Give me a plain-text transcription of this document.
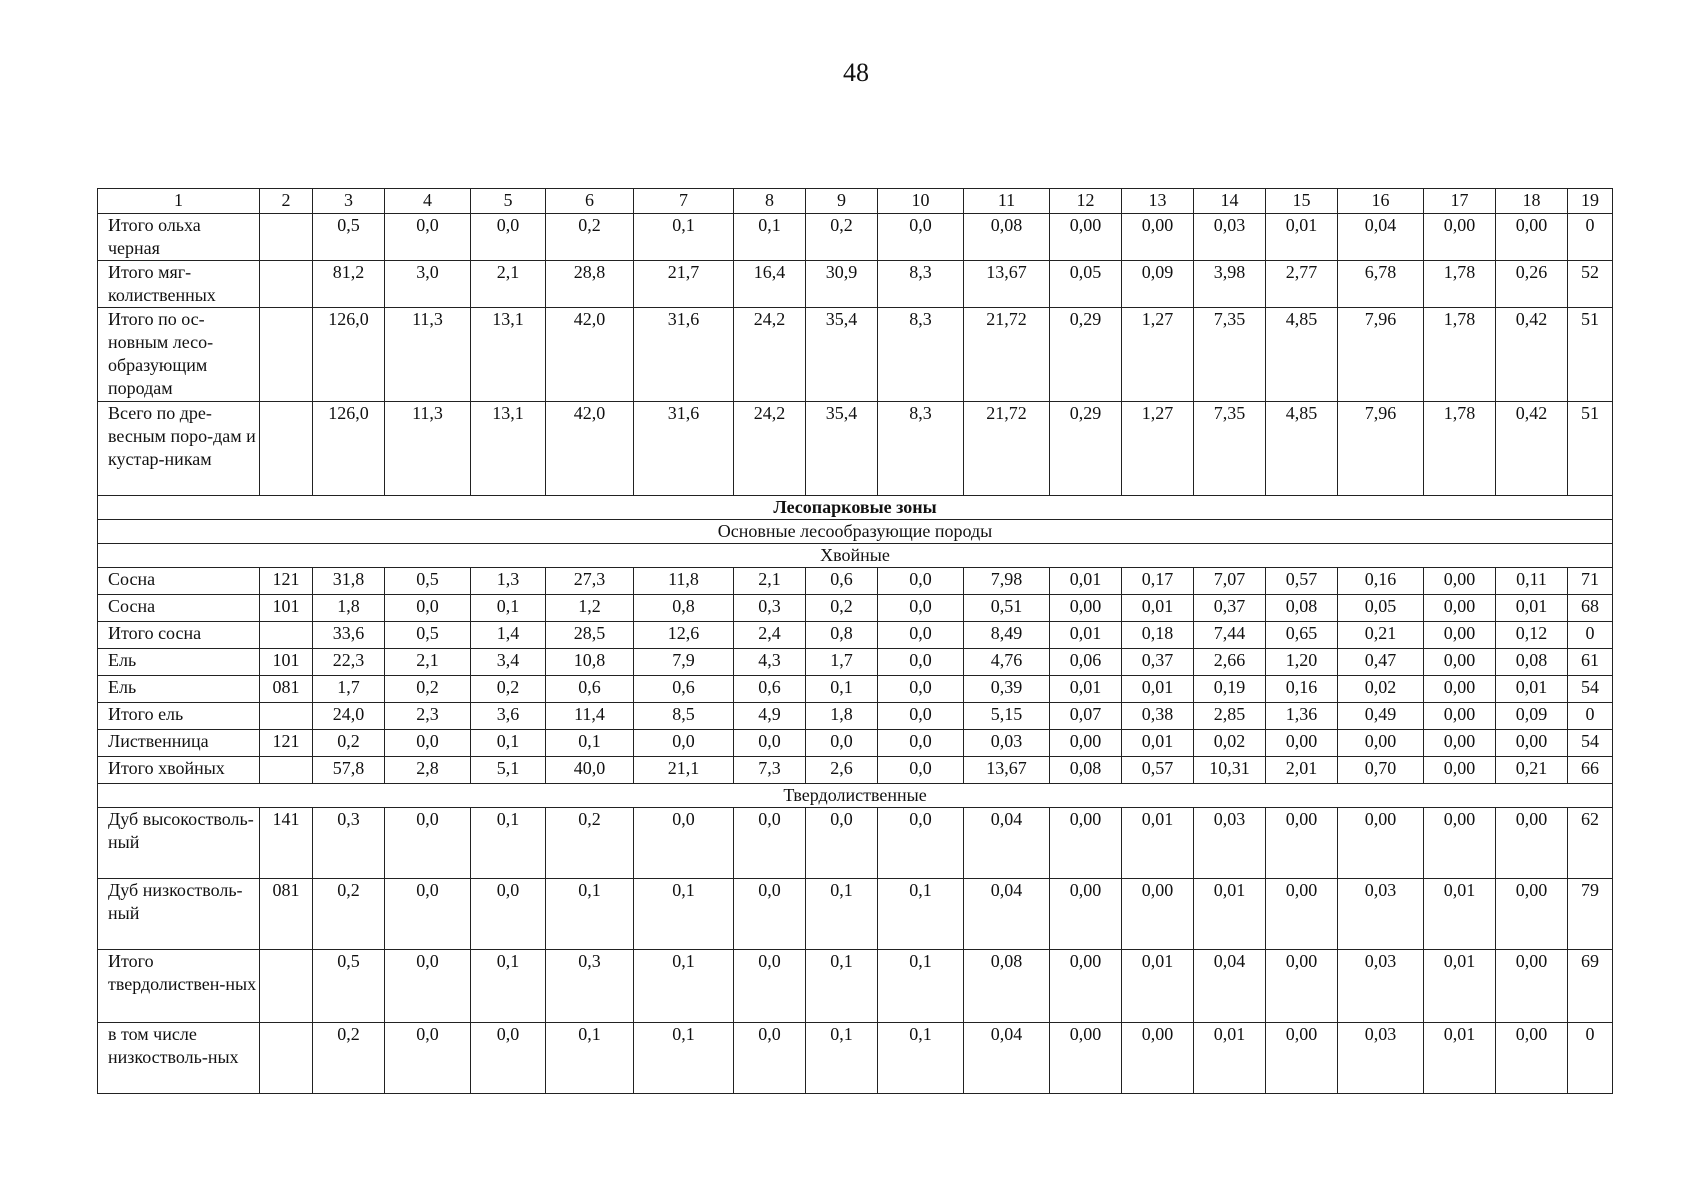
48
1	2	3	4	5	6	7	8	9	10	11	12	13	14	15	16	17	18	19
Итого ольха черная		0,5	0,0	0,0	0,2	0,1	0,1	0,2	0,0	0,08	0,00	0,00	0,03	0,01	0,04	0,00	0,00	0
Итого мяг-колиственных		81,2	3,0	2,1	28,8	21,7	16,4	30,9	8,3	13,67	0,05	0,09	3,98	2,77	6,78	1,78	0,26	52
Итого по ос-новным лесо-образующим породам		126,0	11,3	13,1	42,0	31,6	24,2	35,4	8,3	21,72	0,29	1,27	7,35	4,85	7,96	1,78	0,42	51
Всего по дре-весным поро-дам и кустар-никам		126,0	11,3	13,1	42,0	31,6	24,2	35,4	8,3	21,72	0,29	1,27	7,35	4,85	7,96	1,78	0,42	51
Лесопарковые зоны																		
Основные лесообразующие породы																		
Хвойные																		
Сосна	121	31,8	0,5	1,3	27,3	11,8	2,1	0,6	0,0	7,98	0,01	0,17	7,07	0,57	0,16	0,00	0,11	71
Сосна	101	1,8	0,0	0,1	1,2	0,8	0,3	0,2	0,0	0,51	0,00	0,01	0,37	0,08	0,05	0,00	0,01	68
Итого сосна		33,6	0,5	1,4	28,5	12,6	2,4	0,8	0,0	8,49	0,01	0,18	7,44	0,65	0,21	0,00	0,12	0
Ель	101	22,3	2,1	3,4	10,8	7,9	4,3	1,7	0,0	4,76	0,06	0,37	2,66	1,20	0,47	0,00	0,08	61
Ель	081	1,7	0,2	0,2	0,6	0,6	0,6	0,1	0,0	0,39	0,01	0,01	0,19	0,16	0,02	0,00	0,01	54
Итого ель		24,0	2,3	3,6	11,4	8,5	4,9	1,8	0,0	5,15	0,07	0,38	2,85	1,36	0,49	0,00	0,09	0
Лиственница	121	0,2	0,0	0,1	0,1	0,0	0,0	0,0	0,0	0,03	0,00	0,01	0,02	0,00	0,00	0,00	0,00	54
Итого хвойных		57,8	2,8	5,1	40,0	21,1	7,3	2,6	0,0	13,67	0,08	0,57	10,31	2,01	0,70	0,00	0,21	66
Твердолиственные																		
Дуб высокостволь-ный	141	0,3	0,0	0,1	0,2	0,0	0,0	0,0	0,0	0,04	0,00	0,01	0,03	0,00	0,00	0,00	0,00	62
Дуб низкостволь-ный	081	0,2	0,0	0,0	0,1	0,1	0,0	0,1	0,1	0,04	0,00	0,00	0,01	0,00	0,03	0,01	0,00	79
Итого твердолиствен-ных		0,5	0,0	0,1	0,3	0,1	0,0	0,1	0,1	0,08	0,00	0,01	0,04	0,00	0,03	0,01	0,00	69
в том числе низкостволь-ных		0,2	0,0	0,0	0,1	0,1	0,0	0,1	0,1	0,04	0,00	0,00	0,01	0,00	0,03	0,01	0,00	0
